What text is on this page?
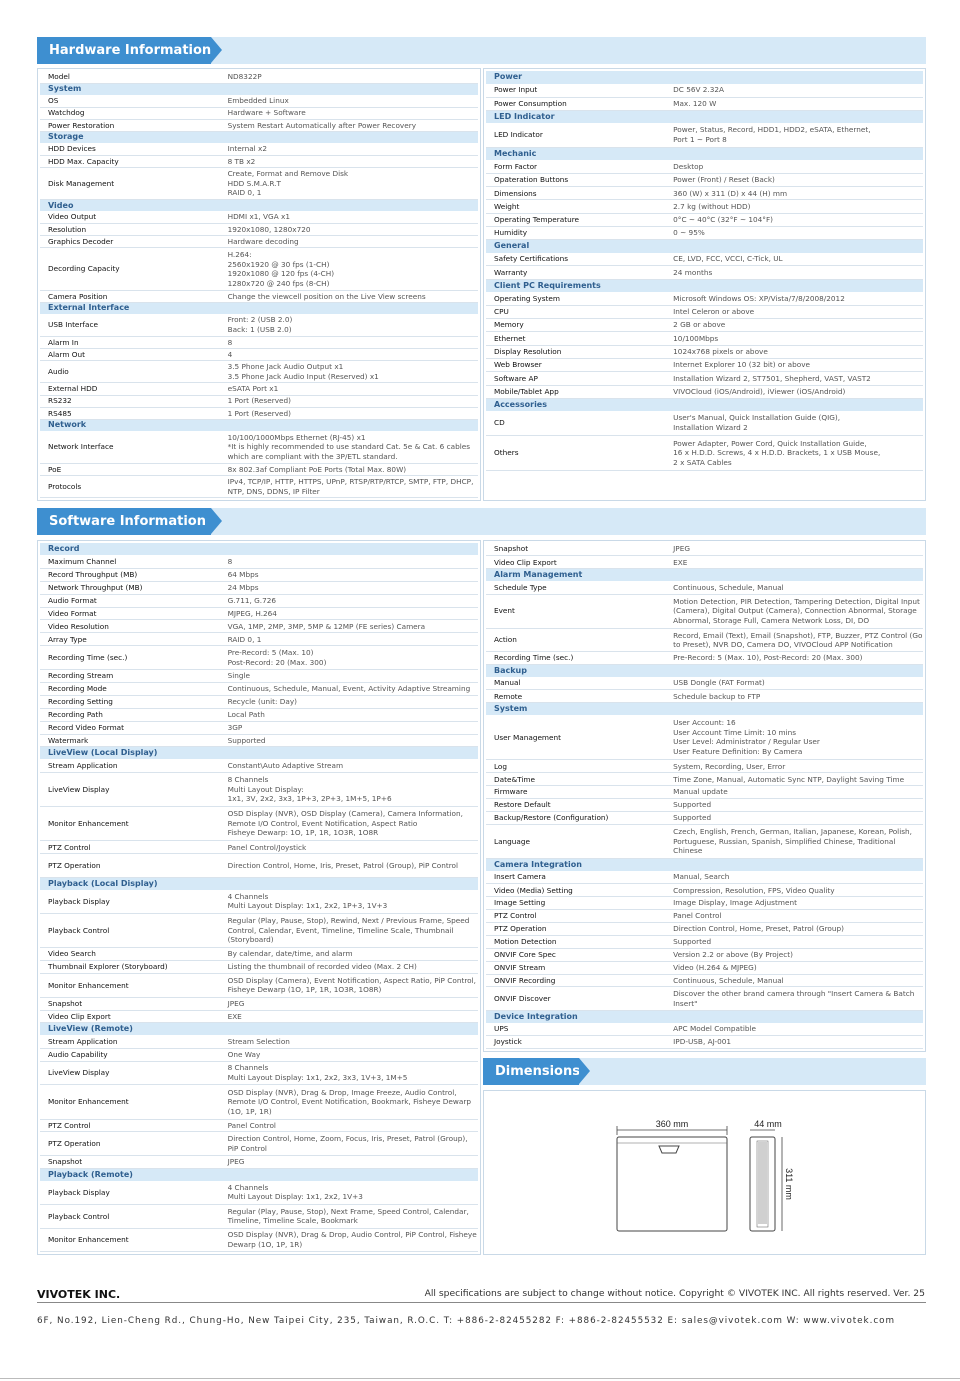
Hardware Information
Model	ND8322P
System	
OS	Embedded Linux
Watchdog	Hardware + Software
Power Restoration	System Restart Automatically after Power Recovery
Storage	
HDD Devices	Internal x2
HDD Max. Capacity	8 TB x2
Disk Management	Create, Format and Remove Disk
HDD S.M.A.R.T
RAID 0, 1
Video	
Video Output	HDMI x1, VGA x1
Resolution	1920x1080, 1280x720
Graphics Decoder	Hardware decoding
Decording Capacity	H.264:
2560x1920 @ 30 fps (1-CH)
1920x1080 @ 120 fps (4-CH)
1280x720 @ 240 fps (8-CH)
Camera Position	Change the viewcell position on the Live View screens
External Interface	
USB Interface	Front: 2 (USB 2.0)
Back: 1 (USB 2.0)
Alarm In	8
Alarm Out	4
Audio	3.5 Phone Jack Audio Output x1
3.5 Phone Jack Audio Input (Reserved) x1
External HDD	eSATA Port x1
RS232	1 Port (Reserved)
RS485	1 Port (Reserved)
Network	
Network Interface	10/100/1000Mbps Ethernet (RJ-45) x1
*It is highly recommended to use standard Cat. 5e & Cat. 6 cables which are compliant with the 3P/ETL standard.
PoE	8x 802.3af Compliant PoE Ports (Total Max. 80W)
Protocols	IPv4, TCP/IP, HTTP, HTTPS, UPnP, RTSP/RTP/RTCP, SMTP, FTP, DHCP, NTP, DNS, DDNS, IP Filter
Power	
Power Input	DC 56V 2.32A
Power Consumption	Max. 120 W
LED Indicator	
LED Indicator	Power, Status, Record, HDD1, HDD2, eSATA, Ethernet,
Port 1 ~ Port 8
Mechanic	
Form Factor	Desktop
Opateration Buttons	Power (Front) / Reset (Back)
Dimensions	360 (W) x 311 (D) x 44 (H) mm
Weight	2.7 kg (without HDD)
Operating Temperature	0°C ~ 40°C (32°F ~ 104°F)
Humidity	0 ~ 95%
General	
Safety Certifications	CE, LVD, FCC, VCCI, C-Tick, UL
Warranty	24 months
Client PC Requirements	
Operating System	Microsoft Windows OS: XP/Vista/7/8/2008/2012
CPU	Intel Celeron or above
Memory	2 GB or above
Ethernet	10/100Mbps
Display Resolution	1024x768 pixels or above
Web Browser	Internet Explorer 10 (32 bit) or above
Software AP	Installation Wizard 2, ST7501, Shepherd, VAST, VAST2
Mobile/Tablet App	VIVOCloud (iOS/Android), iViewer (iOS/Android)
Accessories	
CD	User's Manual, Quick Installation Guide (QIG),
Installation Wizard 2
Others	Power Adapter, Power Cord, Quick Installation Guide,
16 x H.D.D. Screws, 4 x H.D.D. Brackets, 1 x USB Mouse,
2 x SATA Cables
Software Information
Record	
Maximum Channel	8
Record Throughput (MB)	64 Mbps
Network Throughput (MB)	24 Mbps
Audio Format	G.711, G.726
Video Format	MJPEG, H.264
Video Resolution	VGA, 1MP, 2MP, 3MP, 5MP & 12MP (FE series) Camera
Array Type	RAID 0, 1
Recording Time (sec.)	Pre-Record: 5 (Max. 10)
Post-Record: 20 (Max. 300)
Recording Stream	Single
Recording Mode	Continuous, Schedule, Manual, Event, Activity Adaptive Streaming
Recording Setting	Recycle (unit: Day)
Recording Path	Local Path
Record Video Format	3GP
Watermark	Supported
LiveView (Local Display)	
Stream Application	Constant\Auto Adaptive Stream
LiveView Display	8 Channels
Multi Layout Display:
1x1, 3V, 2x2, 3x3, 1P+3, 2P+3, 1M+5, 1P+6
Monitor Enhancement	OSD Display (NVR), OSD Display (Camera), Camera Information, Remote I/O Control, Event Notification, Aspect Ratio
Fisheye Dewarp: 1O, 1P, 1R, 1O3R, 1O8R
PTZ Control	Panel Control/Joystick
PTZ Operation	Direction Control, Home, Iris, Preset, Patrol (Group), PiP Control
Playback (Local Display)	
Playback Display	4 Channels
Multi Layout Display: 1x1, 2x2, 1P+3, 1V+3
Playback Control	Regular (Play, Pause, Stop), Rewind, Next / Previous Frame, Speed Control, Calendar, Event, Timeline, Timeline Scale, Thumbnail (Storyboard)
Video Search	By calendar, date/time, and alarm
Thumbnail Explorer (Storyboard)	Listing the thumbnail of recorded video (Max. 2 CH)
Monitor Enhancement	OSD Display (Camera), Event Notification, Aspect Ratio, PiP Control, Fisheye Dewarp (1O, 1P, 1R, 1O3R, 1O8R)
Snapshot	JPEG
Video Clip Export	EXE
LiveView (Remote)	
Stream Application	Stream Selection
Audio Capability	One Way
LiveView Display	8 Channels
Multi Layout Display: 1x1, 2x2, 3x3, 1V+3, 1M+5
Monitor Enhancement	OSD Display (NVR), Drag & Drop, Image Freeze, Audio Control, Remote I/O Control, Event Notification, Bookmark, Fisheye Dewarp (1O, 1P, 1R)
PTZ Control	Panel Control
PTZ Operation	Direction Control, Home, Zoom, Focus, Iris, Preset, Patrol (Group), PiP Control
Snapshot	JPEG
Playback (Remote)	
Playback Display	4 Channels
Multi Layout Display: 1x1, 2x2, 1V+3
Playback Control	Regular (Play, Pause, Stop), Next Frame, Speed Control, Calendar, Timeline, Timeline Scale, Bookmark
Monitor Enhancement	OSD Display (NVR), Drag & Drop, Audio Control, PiP Control, Fisheye Dewarp (1O, 1P, 1R)
Snapshot	JPEG
Video Clip Export	EXE
Alarm Management	
Schedule Type	Continuous, Schedule, Manual
Event	Motion Detection, PIR Detection, Tampering Detection, Digital Input (Camera), Digital Output (Camera), Connection Abnormal, Storage Abnormal, Storage Full, Camera Network Loss, DI, DO
Action	Record, Email (Text), Email (Snapshot), FTP, Buzzer, PTZ Control (Go to Preset), NVR DO, Camera DO, VIVOCloud APP Notification
Recording Time (sec.)	Pre-Record: 5 (Max. 10), Post-Record: 20 (Max. 300)
Backup	
Manual	USB Dongle (FAT Format)
Remote	Schedule backup to FTP
System	
User Management	User Account: 16
User Account Time Limit: 10 mins
User Level: Administrator / Regular User
User Feature Definition: By Camera
Log	System, Recording, User, Error
Date&Time	Time Zone, Manual, Automatic Sync NTP, Daylight Saving Time
Firmware	Manual update
Restore Default	Supported
Backup/Restore (Configuration)	Supported
Language	Czech, English, French, German, Italian, Japanese, Korean, Polish, Portuguese, Russian, Spanish, Simplified Chinese, Traditional Chinese
Camera Integration	
Insert Camera	Manual, Search
Video (Media) Setting	Compression, Resolution, FPS, Video Quality
Image Setting	Image Display, Image Adjustment
PTZ Control	Panel Control
PTZ Operation	Direction Control, Home, Preset, Patrol (Group)
Motion Detection	Supported
ONVIF Core Spec	Version 2.2 or above (By Project)
ONVIF Stream	Video (H.264 & MJPEG)
ONVIF Recording	Continuous, Schedule, Manual
ONVIF Discover	Discover the other brand camera through "Insert Camera & Batch Insert"
Device Integration	
UPS	APC Model Compatible
Joystick	IPD-USB, AJ-001
Dimensions
360 mm	44 mm
311 mm
VIVOTEK INC.	All specifications are subject to change without notice. Copyright © VIVOTEK INC. All rights reserved. Ver. 25
6F, No.192, Lien-Cheng Rd., Chung-Ho, New Taipei City, 235, Taiwan, R.O.C. T: +886-2-82455282 F: +886-2-82455532 E: sales@vivotek.com W: www.vivotek.com
